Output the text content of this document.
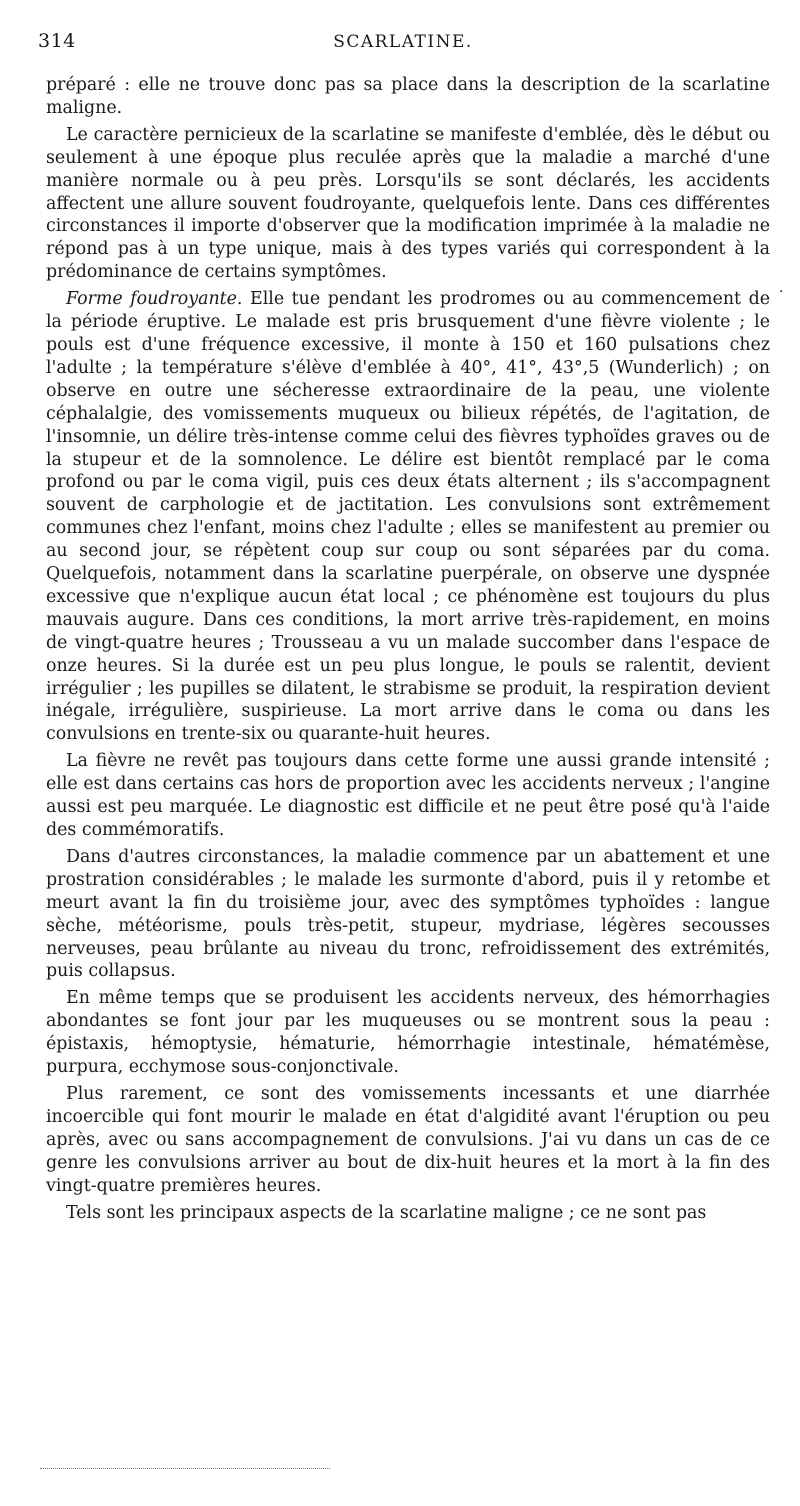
314	SCARLATINE.

préparé : elle ne trouve donc pas sa place dans la description de la scarlatine maligne.

Le caractère pernicieux de la scarlatine se manifeste d'emblée, dès le début ou seulement à une époque plus reculée après que la maladie a marché d'une manière normale ou à peu près. Lorsqu'ils se sont déclarés, les accidents affectent une allure souvent foudroyante, quelquefois lente. Dans ces différentes circonstances il importe d'observer que la modification imprimée à la maladie ne répond pas à un type unique, mais à des types variés qui correspondent à la prédominance de certains symptômes.

Forme foudroyante. Elle tue pendant les prodromes ou au commencement de la période éruptive. Le malade est pris brusquement d'une fièvre violente ; le pouls est d'une fréquence excessive, il monte à 150 et 160 pulsations chez l'adulte ; la température s'élève d'emblée à 40°, 41°, 43°,5 (Wunderlich) ; on observe en outre une sécheresse extraordinaire de la peau, une violente céphalalgie, des vomissements muqueux ou bilieux répétés, de l'agitation, de l'insomnie, un délire très-intense comme celui des fièvres typhoïdes graves ou de la stupeur et de la somnolence. Le délire est bientôt remplacé par le coma profond ou par le coma vigil, puis ces deux états alternent ; ils s'accompagnent souvent de carphologie et de jactitation. Les convulsions sont extrêmement communes chez l'enfant, moins chez l'adulte ; elles se manifestent au premier ou au second jour, se répètent coup sur coup ou sont séparées par du coma. Quelquefois, notamment dans la scarlatine puerpérale, on observe une dyspnée excessive que n'explique aucun état local ; ce phénomène est toujours du plus mauvais augure. Dans ces conditions, la mort arrive très-rapidement, en moins de vingt-quatre heures ; Trousseau a vu un malade succomber dans l'espace de onze heures. Si la durée est un peu plus longue, le pouls se ralentit, devient irrégulier ; les pupilles se dilatent, le strabisme se produit, la respiration devient inégale, irrégulière, suspirieuse. La mort arrive dans le coma ou dans les convulsions en trente-six ou quarante-huit heures.

La fièvre ne revêt pas toujours dans cette forme une aussi grande intensité ; elle est dans certains cas hors de proportion avec les accidents nerveux ; l'angine aussi est peu marquée. Le diagnostic est difficile et ne peut être posé qu'à l'aide des commémoratifs.

Dans d'autres circonstances, la maladie commence par un abattement et une prostration considérables ; le malade les surmonte d'abord, puis il y retombe et meurt avant la fin du troisième jour, avec des symptômes typhoïdes : langue sèche, météorisme, pouls très-petit, stupeur, mydriase, légères secousses nerveuses, peau brûlante au niveau du tronc, refroidissement des extrémités, puis collapsus.

En même temps que se produisent les accidents nerveux, des hémorrhagies abondantes se font jour par les muqueuses ou se montrent sous la peau : épistaxis, hémoptysie, hématurie, hémorrhagie intestinale, hématémèse, purpura, ecchymose sous-conjonctivale.

Plus rarement, ce sont des vomissements incessants et une diarrhée incoercible qui font mourir le malade en état d'algidité avant l'éruption ou peu après, avec ou sans accompagnement de convulsions. J'ai vu dans un cas de ce genre les convulsions arriver au bout de dix-huit heures et la mort à la fin des vingt-quatre premières heures.

Tels sont les principaux aspects de la scarlatine maligne ; ce ne sont pas

·
